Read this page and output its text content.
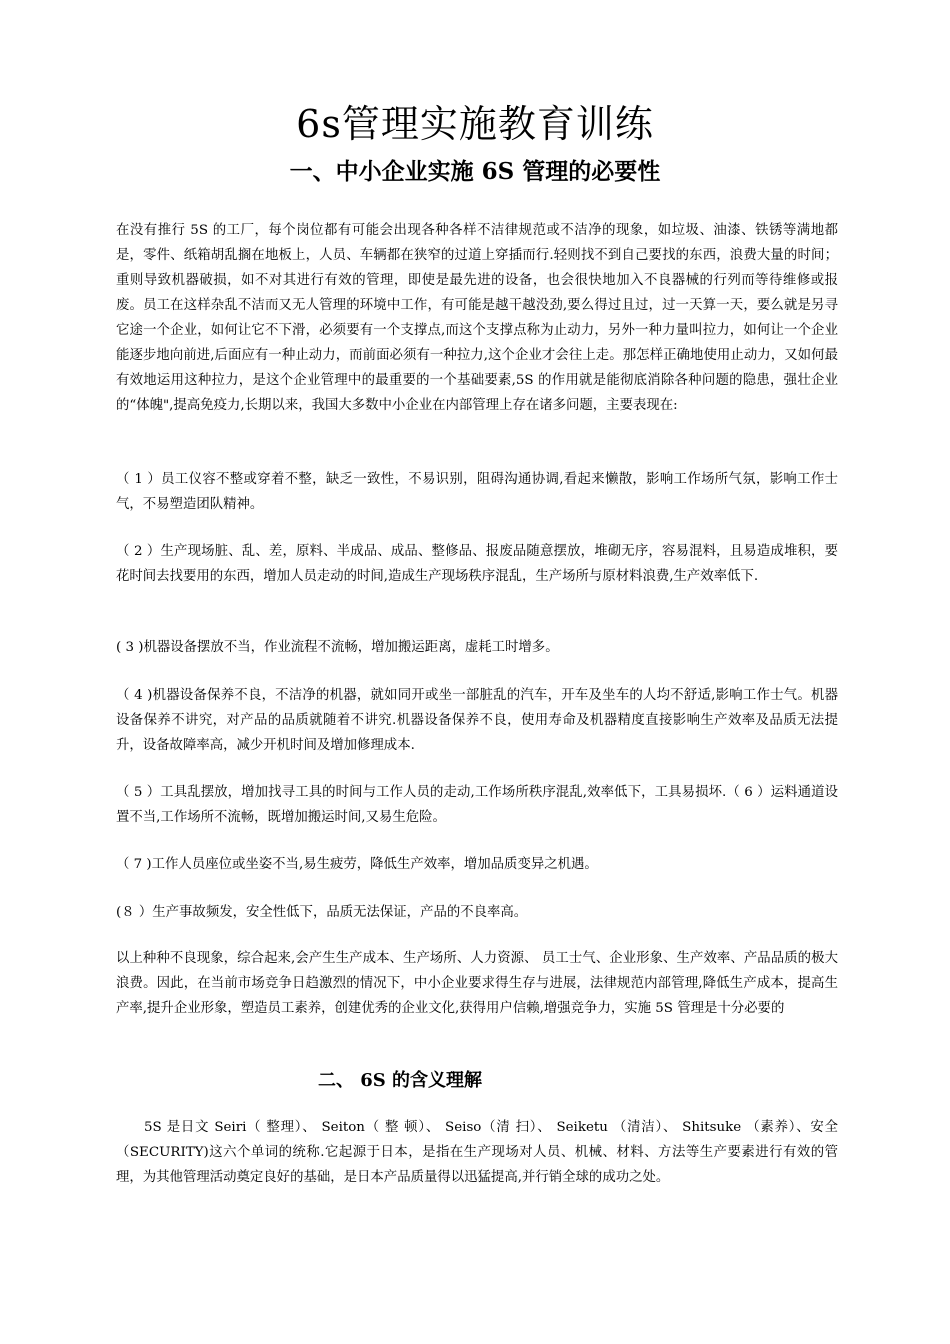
6s管理实施教育训练
一、中小企业实施 6S 管理的必要性

在没有推行 5S 的工厂，每个岗位都有可能会出现各种各样不洁律规范或不洁净的现象，如垃圾、油漆、铁锈等满地都是，零件、纸箱胡乱搁在地板上，人员、车辆都在狭窄的过道上穿插而行.轻则找不到自己要找的东西，浪费大量的时间；重则导致机器破损，如不对其进行有效的管理，即使是最先进的设备，也会很快地加入不良器械的行列而等待维修或报废。员工在这样杂乱不洁而又无人管理的环境中工作，有可能是越干越没劲,要么得过且过，过一天算一天，要么就是另寻它途一个企业，如何让它不下滑，必须要有一个支撑点,而这个支撑点称为止动力，另外一种力量叫拉力，如何让一个企业能逐步地向前进,后面应有一种止动力，而前面必须有一种拉力,这个企业才会往上走。那怎样正确地使用止动力，又如何最有效地运用这种拉力，是这个企业管理中的最重要的一个基础要素,5S 的作用就是能彻底消除各种问题的隐患，强壮企业的“体魄",提高免疫力,长期以来，我国大多数中小企业在内部管理上存在诸多问题，主要表现在:

（ 1 ）员工仪容不整或穿着不整，缺乏一致性，不易识别，阻碍沟通协调,看起来懒散，影响工作场所气氛，影响工作士气，不易塑造团队精神。

（ 2 ）生产现场脏、乱、差，原料、半成品、成品、整修品、报废品随意摆放，堆砌无序，容易混料，且易造成堆积，要花时间去找要用的东西，增加人员走动的时间,造成生产现场秩序混乱，生产场所与原材料浪费,生产效率低下.

( 3 )机器设备摆放不当，作业流程不流畅，增加搬运距离，虚耗工时增多。

（ 4 )机器设备保养不良，不洁净的机器，就如同开或坐一部脏乱的汽车，开车及坐车的人均不舒适,影响工作士气。机器设备保养不讲究，对产品的品质就随着不讲究.机器设备保养不良，使用寿命及机器精度直接影响生产效率及品质无法提升，设备故障率高，减少开机时间及增加修理成本.

（ 5 ）工具乱摆放，增加找寻工具的时间与工作人员的走动,工作场所秩序混乱,效率低下，工具易损坏.（ 6 ）运料通道设置不当,工作场所不流畅，既增加搬运时间,又易生危险。

（ 7 )工作人员座位或坐姿不当,易生疲劳，降低生产效率，增加品质变异之机遇。

(８ ）生产事故频发，安全性低下，品质无法保证，产品的不良率高。

以上种种不良现象，综合起来,会产生生产成本、生产场所、人力资源、 员工士气、企业形象、生产效率、产品品质的极大浪费。因此，在当前市场竞争日趋激烈的情况下，中小企业要求得生存与进展，法律规范内部管理,降低生产成本，提高生产率,提升企业形象，塑造员工素养，创建优秀的企业文化,获得用户信赖,增强竞争力，实施 5S 管理是十分必要的

二、 6S 的含义理解

5S 是日文 Seiri（ 整理）、 Seiton（ 整 顿）、 Seiso（清 扫）、 Seiketu （清洁）、 Shitsuke （素养）、安全（SECURITY)这六个单词的统称.它起源于日本，是指在生产现场对人员、机械、材料、方法等生产要素进行有效的管理，为其他管理活动奠定良好的基础，是日本产品质量得以迅猛提高,并行销全球的成功之处。
